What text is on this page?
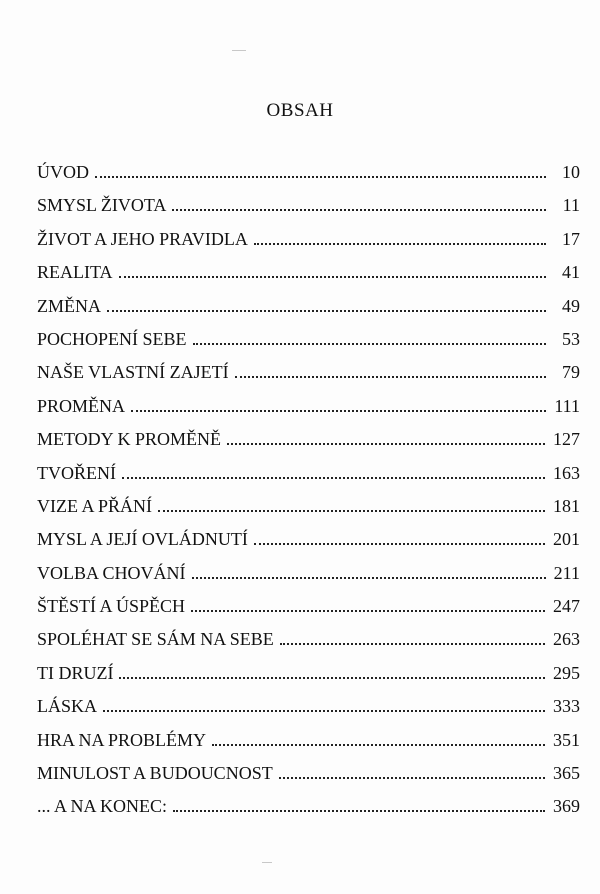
OBSAH
ÚVOD	10
SMYSL ŽIVOTA	11
ŽIVOT A JEHO PRAVIDLA	17
REALITA	41
ZMĚNA	49
POCHOPENÍ SEBE	53
NAŠE VLASTNÍ ZAJETÍ	79
PROMĚNA	111
METODY K PROMĚNĚ	127
TVOŘENÍ	163
VIZE A PŘÁNÍ	181
MYSL A JEJÍ OVLÁDNUTÍ	201
VOLBA CHOVÁNÍ	211
ŠTĚSTÍ A ÚSPĚCH	247
SPOLÉHAT SE SÁM NA SEBE	263
TI DRUZÍ	295
LÁSKA	333
HRA NA PROBLÉMY	351
MINULOST A BUDOUCNOST	365
... A NA KONEC:	369
